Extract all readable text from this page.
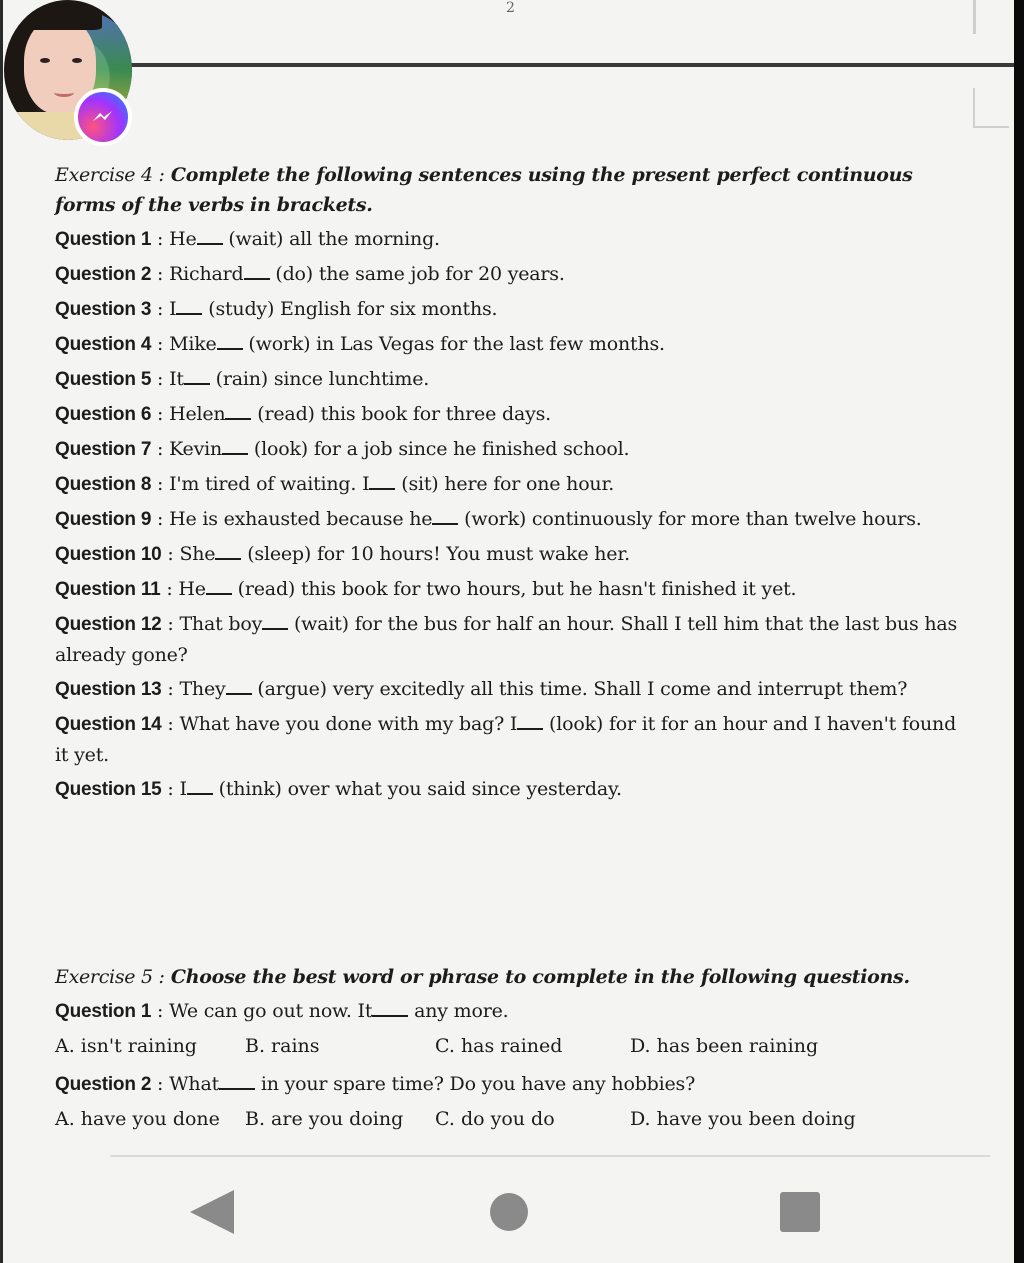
2

Exercise 4 : Complete the following sentences using the present perfect continuous forms of the verbs in brackets.

Question 1 : He (wait) all the morning.

Question 2 : Richard (do) the same job for 20 years.

Question 3 : I (study) English for six months.

Question 4 : Mike (work) in Las Vegas for the last few months.

Question 5 : It (rain) since lunchtime.

Question 6 : Helen (read) this book for three days.

Question 7 : Kevin (look) for a job since he finished school.

Question 8 : I'm tired of waiting. I (sit) here for one hour.

Question 9 : He is exhausted because he (work) continuously for more than twelve hours.

Question 10 : She (sleep) for 10 hours! You must wake her.

Question 11 : He (read) this book for two hours, but he hasn't finished it yet.

Question 12 : That boy (wait) for the bus for half an hour. Shall I tell him that the last bus has already gone?

Question 13 : They (argue) very excitedly all this time. Shall I come and interrupt them?

Question 14 : What have you done with my bag? I (look) for it for an hour and I haven't found it yet.

Question 15 : I (think) over what you said since yesterday.

Exercise 5 : Choose the best word or phrase to complete in the following questions.

Question 1 : We can go out now. It any more.

A. isn't raining	B. rains	C. has rained	D. has been raining

Question 2 : What in your spare time? Do you have any hobbies?

A. have you done	B. are you doing	C. do you do	D. have you been doing
